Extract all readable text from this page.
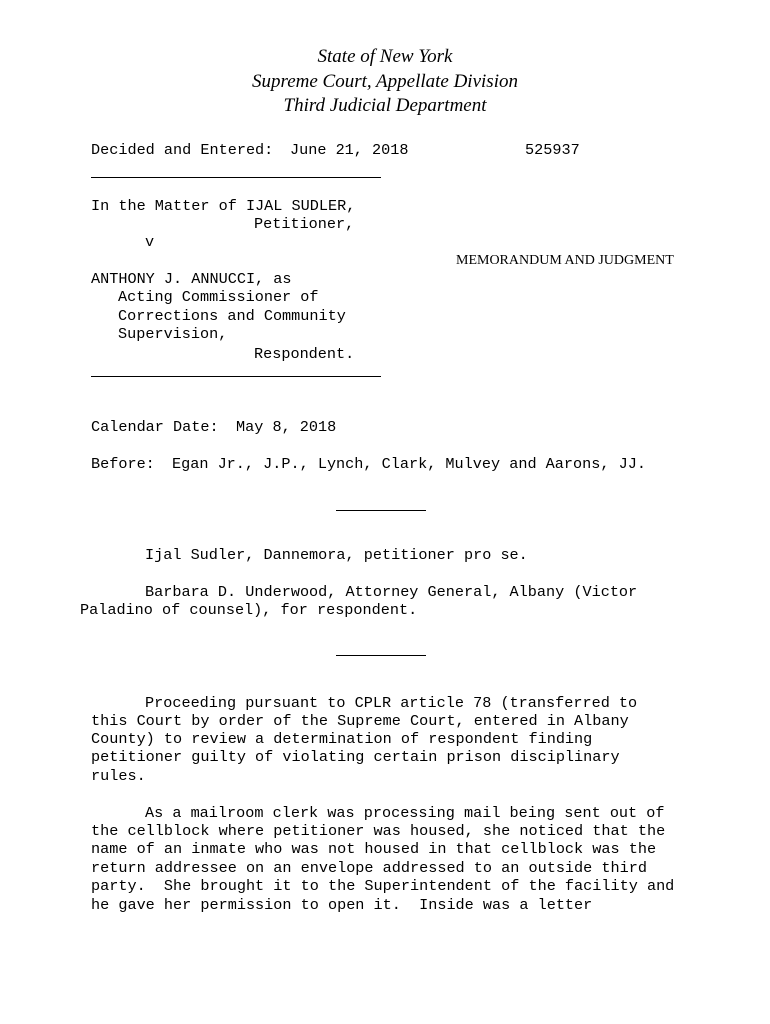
State of New York
Supreme Court, Appellate Division
Third Judicial Department
Decided and Entered: June 21, 2018	525937
In the Matter of IJAL SUDLER,
Petitioner,
v
MEMORANDUM AND JUDGMENT
ANTHONY J. ANNUCCI, as
Acting Commissioner of
Corrections and Community
Supervision,
Respondent.
Calendar Date: May 8, 2018
Before: Egan Jr., J.P., Lynch, Clark, Mulvey and Aarons, JJ.
Ijal Sudler, Dannemora, petitioner pro se.
Barbara D. Underwood, Attorney General, Albany (Victor
Paladino of counsel), for respondent.
Proceeding pursuant to CPLR article 78 (transferred to
this Court by order of the Supreme Court, entered in Albany
County) to review a determination of respondent finding
petitioner guilty of violating certain prison disciplinary
rules.
As a mailroom clerk was processing mail being sent out of
the cellblock where petitioner was housed, she noticed that the
name of an inmate who was not housed in that cellblock was the
return addressee on an envelope addressed to an outside third
party.  She brought it to the Superintendent of the facility and
he gave her permission to open it.  Inside was a letter
